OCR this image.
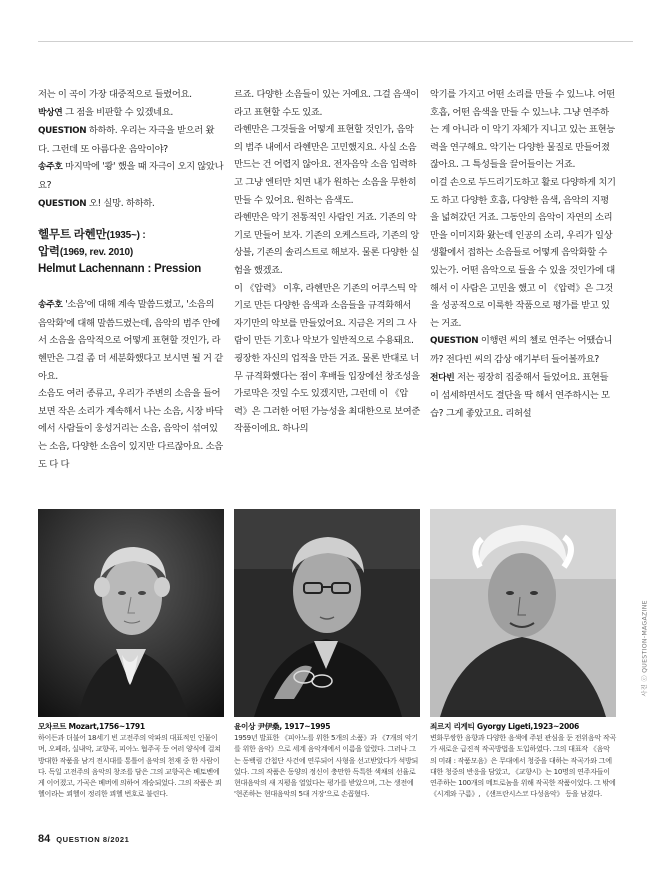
저는 이 곡이 가장 대중적으로 들렸어요.

박상연 그 점을 비판할 수 있겠네요.

QUESTION 하하하. 우리는 자극을 받으러 왔다. 그런데 또 아름다운 음악이야?

송주호 마지막에 '쾅' 했을 때 자극이 오지 않았나요?

QUESTION 오! 실망. 하하하.

헬무트 라헨만(1935~) :
압력(1969, rev. 2010)
Helmut Lachennann : Pression

송주호 '소음'에 대해 계속 말씀드렸고, '소음의 음악화'에 대해 말씀드렸는데, 음악의 범주 안에서 소음을 음악적으로 어떻게 표현할 것인가, 라헨만은 그걸 좀 더 세분화했다고 보시면 될 거 같아요.

소음도 여러 종류고, 우리가 주변의 소음을 들어보면 작은 소리가 계속해서 나는 소음, 시장 바닥에서 사람들이 웅성거리는 소음, 음악이 섞여있는 소음, 다양한 소음이 있지만 다르잖아요. 소음도 다 다

르죠. 다양한 소음들이 있는 거예요. 그걸 음색이라고 표현할 수도 있죠.

라헨만은 그것들을 어떻게 표현할 것인가, 음악의 범주 내에서 라헨만은 고민했지요. 사실 소음 만드는 건 어렵지 않아요. 전자음악 소음 입력하고 그냥 엔터만 치면 내가 원하는 소음을 무한히 만들 수 있어요. 원하는 음색도.

라헨만은 악기 전통적인 사람인 거죠. 기존의 악기로 만들어 보자. 기존의 오케스트라, 기존의 앙상블, 기존의 솔리스트로 해보자. 물론 다양한 실험을 했겠죠.

이 《압력》 이후, 라헨만은 기존의 어쿠스틱 악기로 만든 다양한 음색과 소음들을 규격화해서 자기만의 악보를 만들었어요. 지금은 거의 그 사람이 만든 기호나 악보가 일반적으로 수용돼요. 굉장한 자신의 업적을 만든 거죠. 물론 반대로 너무 규격화했다는 점이 후배들 입장에선 창조성을 가로막은 것일 수도 있겠지만, 그런데 이 《압력》은 그러한 어떤 가능성을 최대한으로 보여준 작품이에요. 하나의

악기를 가지고 어떤 소리를 만들 수 있느냐. 어떤 호흡, 어떤 음색을 만들 수 있느냐. 그냥 연주하는 게 아니라 이 악기 자체가 지니고 있는 표현능력을 연구해요. 악기는 다양한 물질로 만들어졌잖아요. 그 특성들을 끌어들이는 거죠.

이걸 손으로 두드리기도하고 활로 다양하게 치기도 하고 다양한 호흡, 다양한 음색, 음악의 지평을 넓혀갔던 거죠. 그동안의 음악이 자연의 소리만을 이미지화 왔는데 인공의 소리, 우리가 일상생활에서 접하는 소음들로 어떻게 음악화할 수 있는가. 어떤 음악으로 들을 수 있을 것인가에 대해서 이 사람은 고민을 했고 이 《압력》은 그것을 성공적으로 이룩한 작품으로 평가를 받고 있는 거죠.

QUESTION 이행련 씨의 첼로 연주는 어땠습니까? 전다빈 씨의 감상 얘기부터 들어볼까요?

전다빈 저는 굉장히 집중해서 들었어요. 표현들이 섬세하면서도 결단을 딱 해서 연주하시는 모습? 그게 좋았고요. 리허설

모차르트 Mozart,1756~1791
하이든과 더불어 18세기 빈 고전주의 악파의 대표적인 인물이며, 오페라, 실내악, 교향곡, 피아노 협주곡 등 여러 양식에 걸쳐 방대한 작품을 남겨 전시대를 통틀어 음악의 천재 중 한 사람이다. 독일 고전주의 음악의 창조를 담은 그의 교향곡은 베토벤에게 이어졌고, 가곡은 베버에 의하여 계승되었다. 그의 작품은 쾨헬이라는 쾨헬이 정리한 쾨헬 번호로 불린다.
윤이상 尹伊桑, 1917~1995
1959년 발표한 《피아노를 위한 5개의 소품》과 《7개의 악기를 위한 음악》으로 세계 음악계에서 이름을 알렸다. 그러나 그는 동백림 간첩단 사건에 연루되어 사형을 선고받았다가 석방되었다. 그의 작품은 동양의 정신이 충만한 독특한 색채의 선율로 현대음악의 새 지평을 열었다는 평가를 받았으며, 그는 생전에 '현존하는 현대음악의 5대 거장'으로 손꼽혔다.
죄르지 리게티 Gyorgy Ligeti,1923~2006
변화무쌍한 음향과 다양한 음색에 주된 관심을 둔 전위음악 작곡가 새로운 급진적 작곡방법을 도입하였다. 그의 대표작 《음악의 미래 : 작품모음》은 무대에서 청중을 대하는 작곡가와 그에 대한 청중의 반응을 담았고, 《교향시》는 10명의 연주자들이 연주하는 100개의 메트로놈을 위해 작곡한 작품이었다. 그 밖에 《시계와 구름》, 《샌프란시스코 다성음악》 등을 남겼다.
사진 ⓒ QUESTION-MAGAZINE
84 QUESTION 8/2021
